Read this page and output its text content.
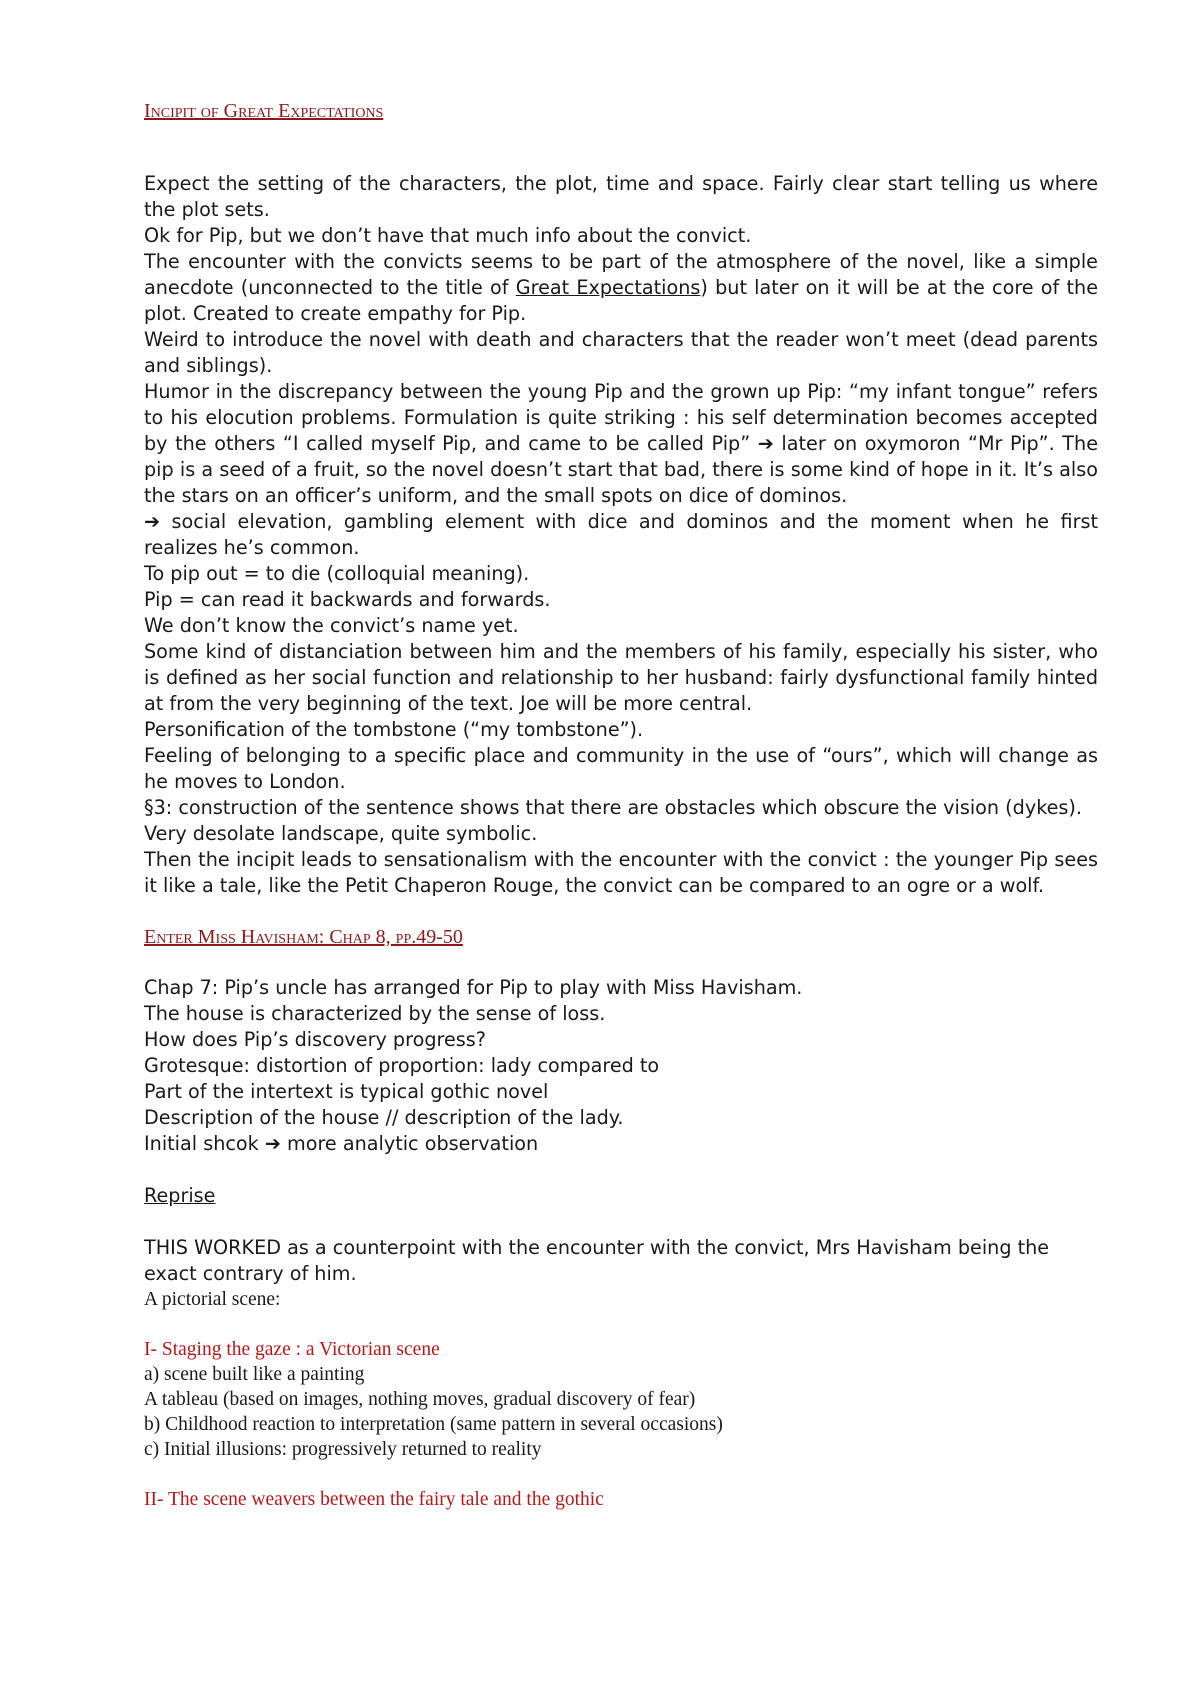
Incipit of Great Expectations

Expect the setting of the characters, the plot, time and space. Fairly clear start telling us where the plot sets.

Ok for Pip, but we don’t have that much info about the convict.

The encounter with the convicts seems to be part of the atmosphere of the novel, like a simple anecdote (unconnected to the title of Great Expectations) but later on it will be at the core of the plot. Created to create empathy for Pip.

Weird to introduce the novel with death and characters that the reader won’t meet (dead parents and siblings).

Humor in the discrepancy between the young Pip and the grown up Pip: “my infant tongue” refers to his elocution problems. Formulation is quite striking : his self determination becomes accepted by the others “I called myself Pip, and came to be called Pip” ➔ later on oxymoron “Mr Pip”. The pip is a seed of a fruit, so the novel doesn’t start that bad, there is some kind of hope in it. It’s also the stars on an officer’s uniform, and the small spots on dice of dominos.

➔ social elevation, gambling element with dice and dominos and the moment when he first realizes he’s common.

To pip out = to die (colloquial meaning).

Pip = can read it backwards and forwards.

We don’t know the convict’s name yet.

Some kind of distanciation between him and the members of his family, especially his sister, who is defined as her social function and relationship to her husband: fairly dysfunctional family hinted at from the very beginning of the text. Joe will be more central.

Personification of the tombstone (“my tombstone”).

Feeling of belonging to a specific place and community in the use of “ours”, which will change as he moves to London.

§3: construction of the sentence shows that there are obstacles which obscure the vision (dykes).

Very desolate landscape, quite symbolic.

Then the incipit leads to sensationalism with the encounter with the convict : the younger Pip sees it like a tale, like the Petit Chaperon Rouge, the convict can be compared to an ogre or a wolf.

Enter Miss Havisham: Chap 8, pp.49-50

Chap 7: Pip’s uncle has arranged for Pip to play with Miss Havisham.

The house is characterized by the sense of loss.

How does Pip’s discovery progress?

Grotesque: distortion of proportion: lady compared to

Part of the intertext is typical gothic novel

Description of the house // description of the lady.

Initial shcok ➔ more analytic observation

Reprise

THIS WORKED as a counterpoint with the encounter with the convict, Mrs Havisham being the exact contrary of him.

A pictorial scene:

I- Staging the gaze : a Victorian scene

a) scene built like a painting

A tableau (based on images, nothing moves, gradual discovery of fear)

b) Childhood reaction to interpretation (same pattern in several occasions)

c) Initial illusions: progressively returned to reality

II- The scene weavers between the fairy tale and the gothic
